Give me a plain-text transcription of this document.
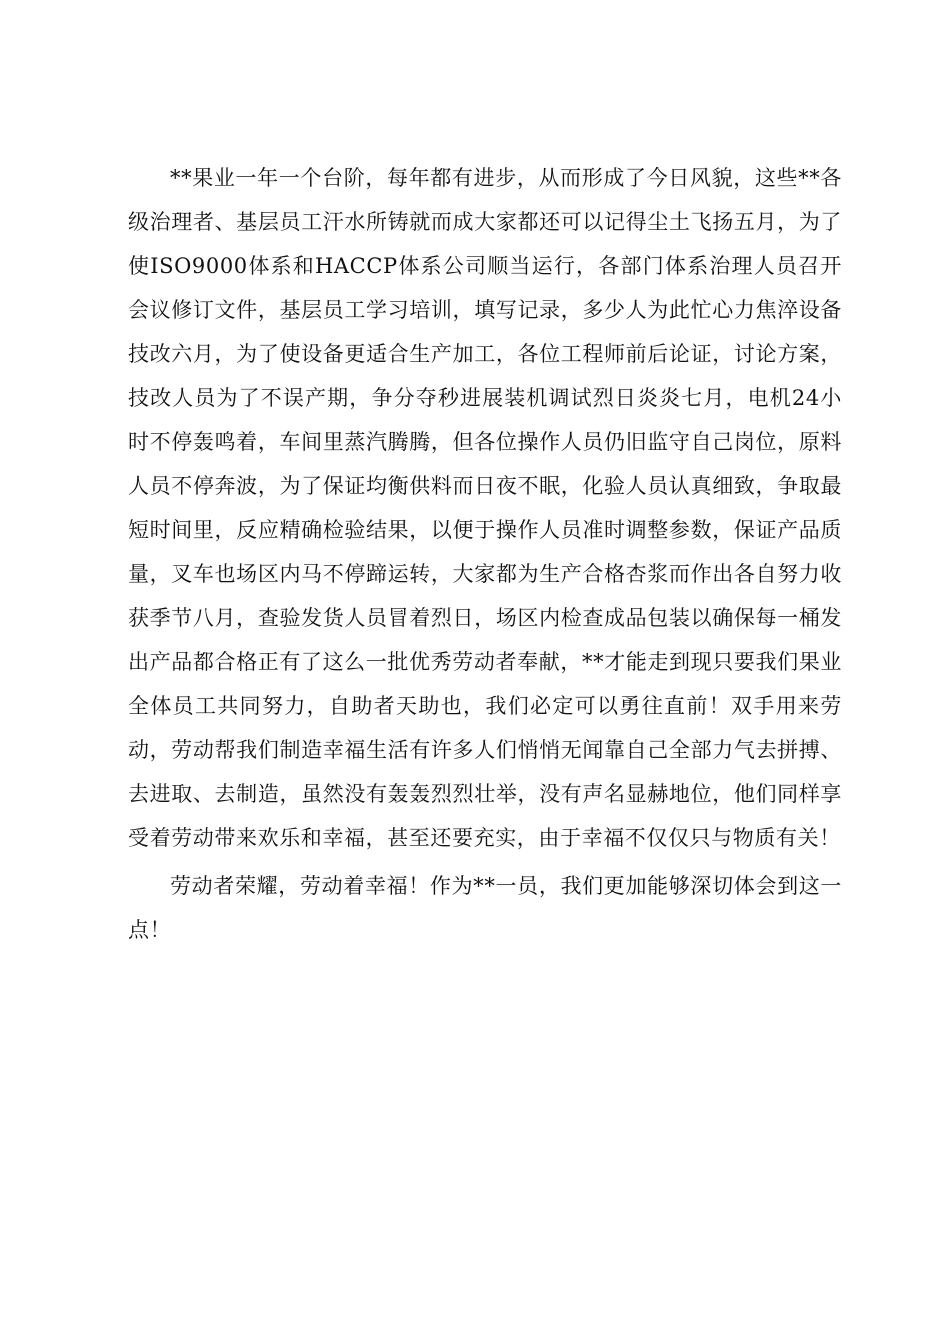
**果业一年一个台阶，每年都有进步，从而形成了今日风貌，这些**各级治理者、基层员工汗水所铸就而成大家都还可以记得尘土飞扬五月，为了使ISO9000体系和HACCP体系公司顺当运行，各部门体系治理人员召开会议修订文件，基层员工学习培训，填写记录，多少人为此忙心力焦淬设备技改六月，为了使设备更适合生产加工，各位工程师前后论证，讨论方案，技改人员为了不误产期，争分夺秒进展装机调试烈日炎炎七月，电机24小时不停轰鸣着，车间里蒸汽腾腾，但各位操作人员仍旧监守自己岗位，原料人员不停奔波，为了保证均衡供料而日夜不眠，化验人员认真细致，争取最短时间里，反应精确检验结果，以便于操作人员准时调整参数，保证产品质量，叉车也场区内马不停蹄运转，大家都为生产合格杏浆而作出各自努力收获季节八月，查验发货人员冒着烈日，场区内检查成品包装以确保每一桶发出产品都合格正有了这么一批优秀劳动者奉献，**才能走到现只要我们果业全体员工共同努力，自助者天助也，我们必定可以勇往直前！双手用来劳动，劳动帮我们制造幸福生活有许多人们悄悄无闻靠自己全部力气去拼搏、去进取、去制造，虽然没有轰轰烈烈壮举，没有声名显赫地位，他们同样享受着劳动带来欢乐和幸福，甚至还要充实，由于幸福不仅仅只与物质有关！

劳动者荣耀，劳动着幸福！作为**一员，我们更加能够深切体会到这一点！
